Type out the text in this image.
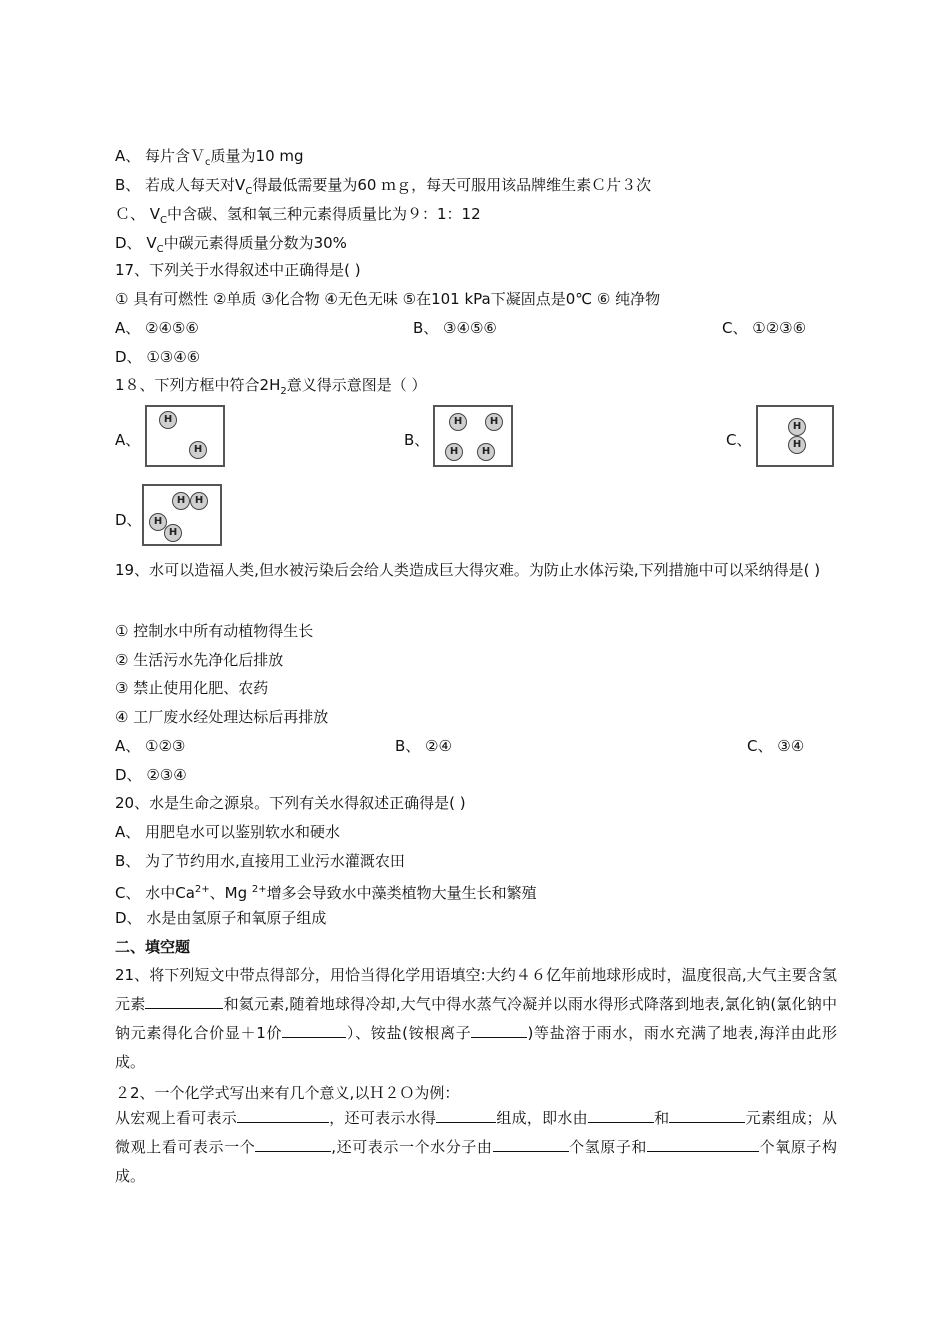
A、 每片含Ｖ$_c$质量为10 mg
B、 若成人每天对$V_C$得最低需要量为60 ｍｇ，每天可服用该品牌维生素Ｃ片３次
Ｃ、 $V_C$中含碳、氢和氧三种元素得质量比为９：1：12
D、 $V_C$中碳元素得质量分数为30%
17、下列关于水得叙述中正确得是( )
① 具有可燃性 ②单质 ③化合物 ④无色无味 ⑤在101 kPa下凝固点是0℃ ⑥ 纯净物
A、 ②④⑤⑥	B、 ③④⑤⑥	C、 ①②③⑥
D、 ①③④⑥
1８、下列方框中符合$2H_2$意义得示意图是（ ）
A、
H
H
B、
H	H
H	H
C、
H
H
D、
H H
H
H
19、水可以造福人类,但水被污染后会给人类造成巨大得灾难。为防止水体污染,下列措施中可以采纳得是( )
① 控制水中所有动植物得生长
② 生活污水先净化后排放
③ 禁止使用化肥、农药
④ 工厂废水经处理达标后再排放
A、 ①②③	B、 ②④	C、 ③④
D、 ②③④
20、水是生命之源泉。下列有关水得叙述正确得是( )
A、 用肥皂水可以鉴别软水和硬水
B、 为了节约用水,直接用工业污水灌溉农田
C、 水中$Ca^{2+}$、Mg $^{2+}$增多会导致水中藻类植物大量生长和繁殖
D、 水是由氢原子和氧原子组成
二、填空题
21、将下列短文中带点得部分，用恰当得化学用语填空:大约４６亿年前地球形成时，温度很高,大气主要含氢元素	和氦元素,随着地球得冷却,大气中得水蒸气冷凝并以雨水得形式降落到地表,氯化钠(氯化钠中钠元素得化合价显＋1价	）、铵盐(铵根离子	)等盐溶于雨水，雨水充满了地表,海洋由此形成。
２2、一个化学式写出来有几个意义,以Ｈ２Ｏ为例：
从宏观上看可表示	，还可表示水得	组成，即水由	和	元素组成；从微观上看可表示一个	,还可表示一个水分子由	个氢原子和	个氧原子构成。
